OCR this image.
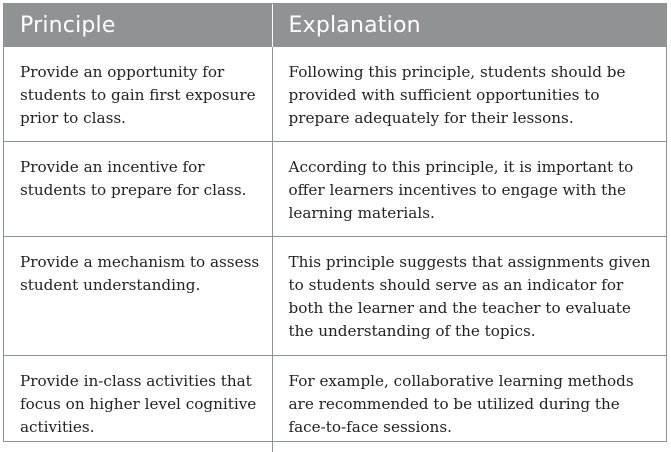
Principle	Explanation
Provide an opportunity for students to gain first exposure prior to class.	Following this principle, students should be provided with sufficient opportunities to prepare adequately for their lessons.
Provide an incentive for students to prepare for class.	According to this principle, it is important to offer learners incentives to engage with the learning materials.
Provide a mechanism to assess student understanding.	This principle suggests that assignments given to students should serve as an indicator for both the learner and the teacher to evaluate the understanding of the topics.
Provide in-class activities that focus on higher level cognitive activities.	For example, collaborative learning methods are recommended to be utilized during the face-to-face sessions.
